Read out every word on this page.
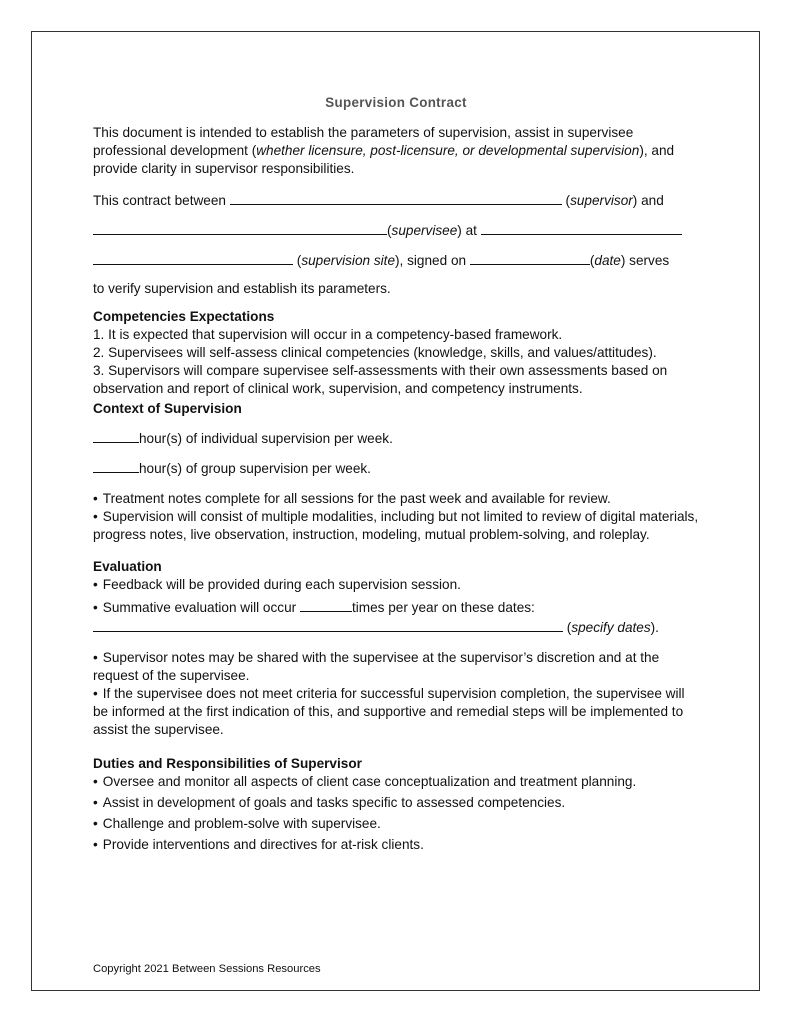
Supervision Contract

This document is intended to establish the parameters of supervision, assist in supervisee professional development (whether licensure, post-licensure, or developmental supervision), and provide clarity in supervisor responsibilities.

This contract between	(supervisor) and
(supervisee) at
(supervision site), signed on	(date) serves

to verify supervision and establish its parameters.

Competencies Expectations

1. It is expected that supervision will occur in a competency-based framework.

2. Supervisees will self-assess clinical competencies (knowledge, skills, and values/attitudes).

3. Supervisors will compare supervisee self-assessments with their own assessments based on observation and report of clinical work, supervision, and competency instruments.

Context of Supervision
hour(s) of individual supervision per week.
hour(s) of group supervision per week.

• Treatment notes complete for all sessions for the past week and available for review.

• Supervision will consist of multiple modalities, including but not limited to review of digital materials, progress notes, live observation, instruction, modeling, mutual problem-solving, and roleplay.

Evaluation

• Feedback will be provided during each supervision session.

• Summative evaluation will occur	times per year on these dates:

(specify dates).

• Supervisor notes may be shared with the supervisee at the supervisor’s discretion and at the request of the supervisee.

• If the supervisee does not meet criteria for successful supervision completion, the supervisee will be informed at the first indication of this, and supportive and remedial steps will be implemented to assist the supervisee.

Duties and Responsibilities of Supervisor

• Oversee and monitor all aspects of client case conceptualization and treatment planning.

• Assist in development of goals and tasks specific to assessed competencies.

• Challenge and problem-solve with supervisee.

• Provide interventions and directives for at-risk clients.

Copyright 2021 Between Sessions Resources
